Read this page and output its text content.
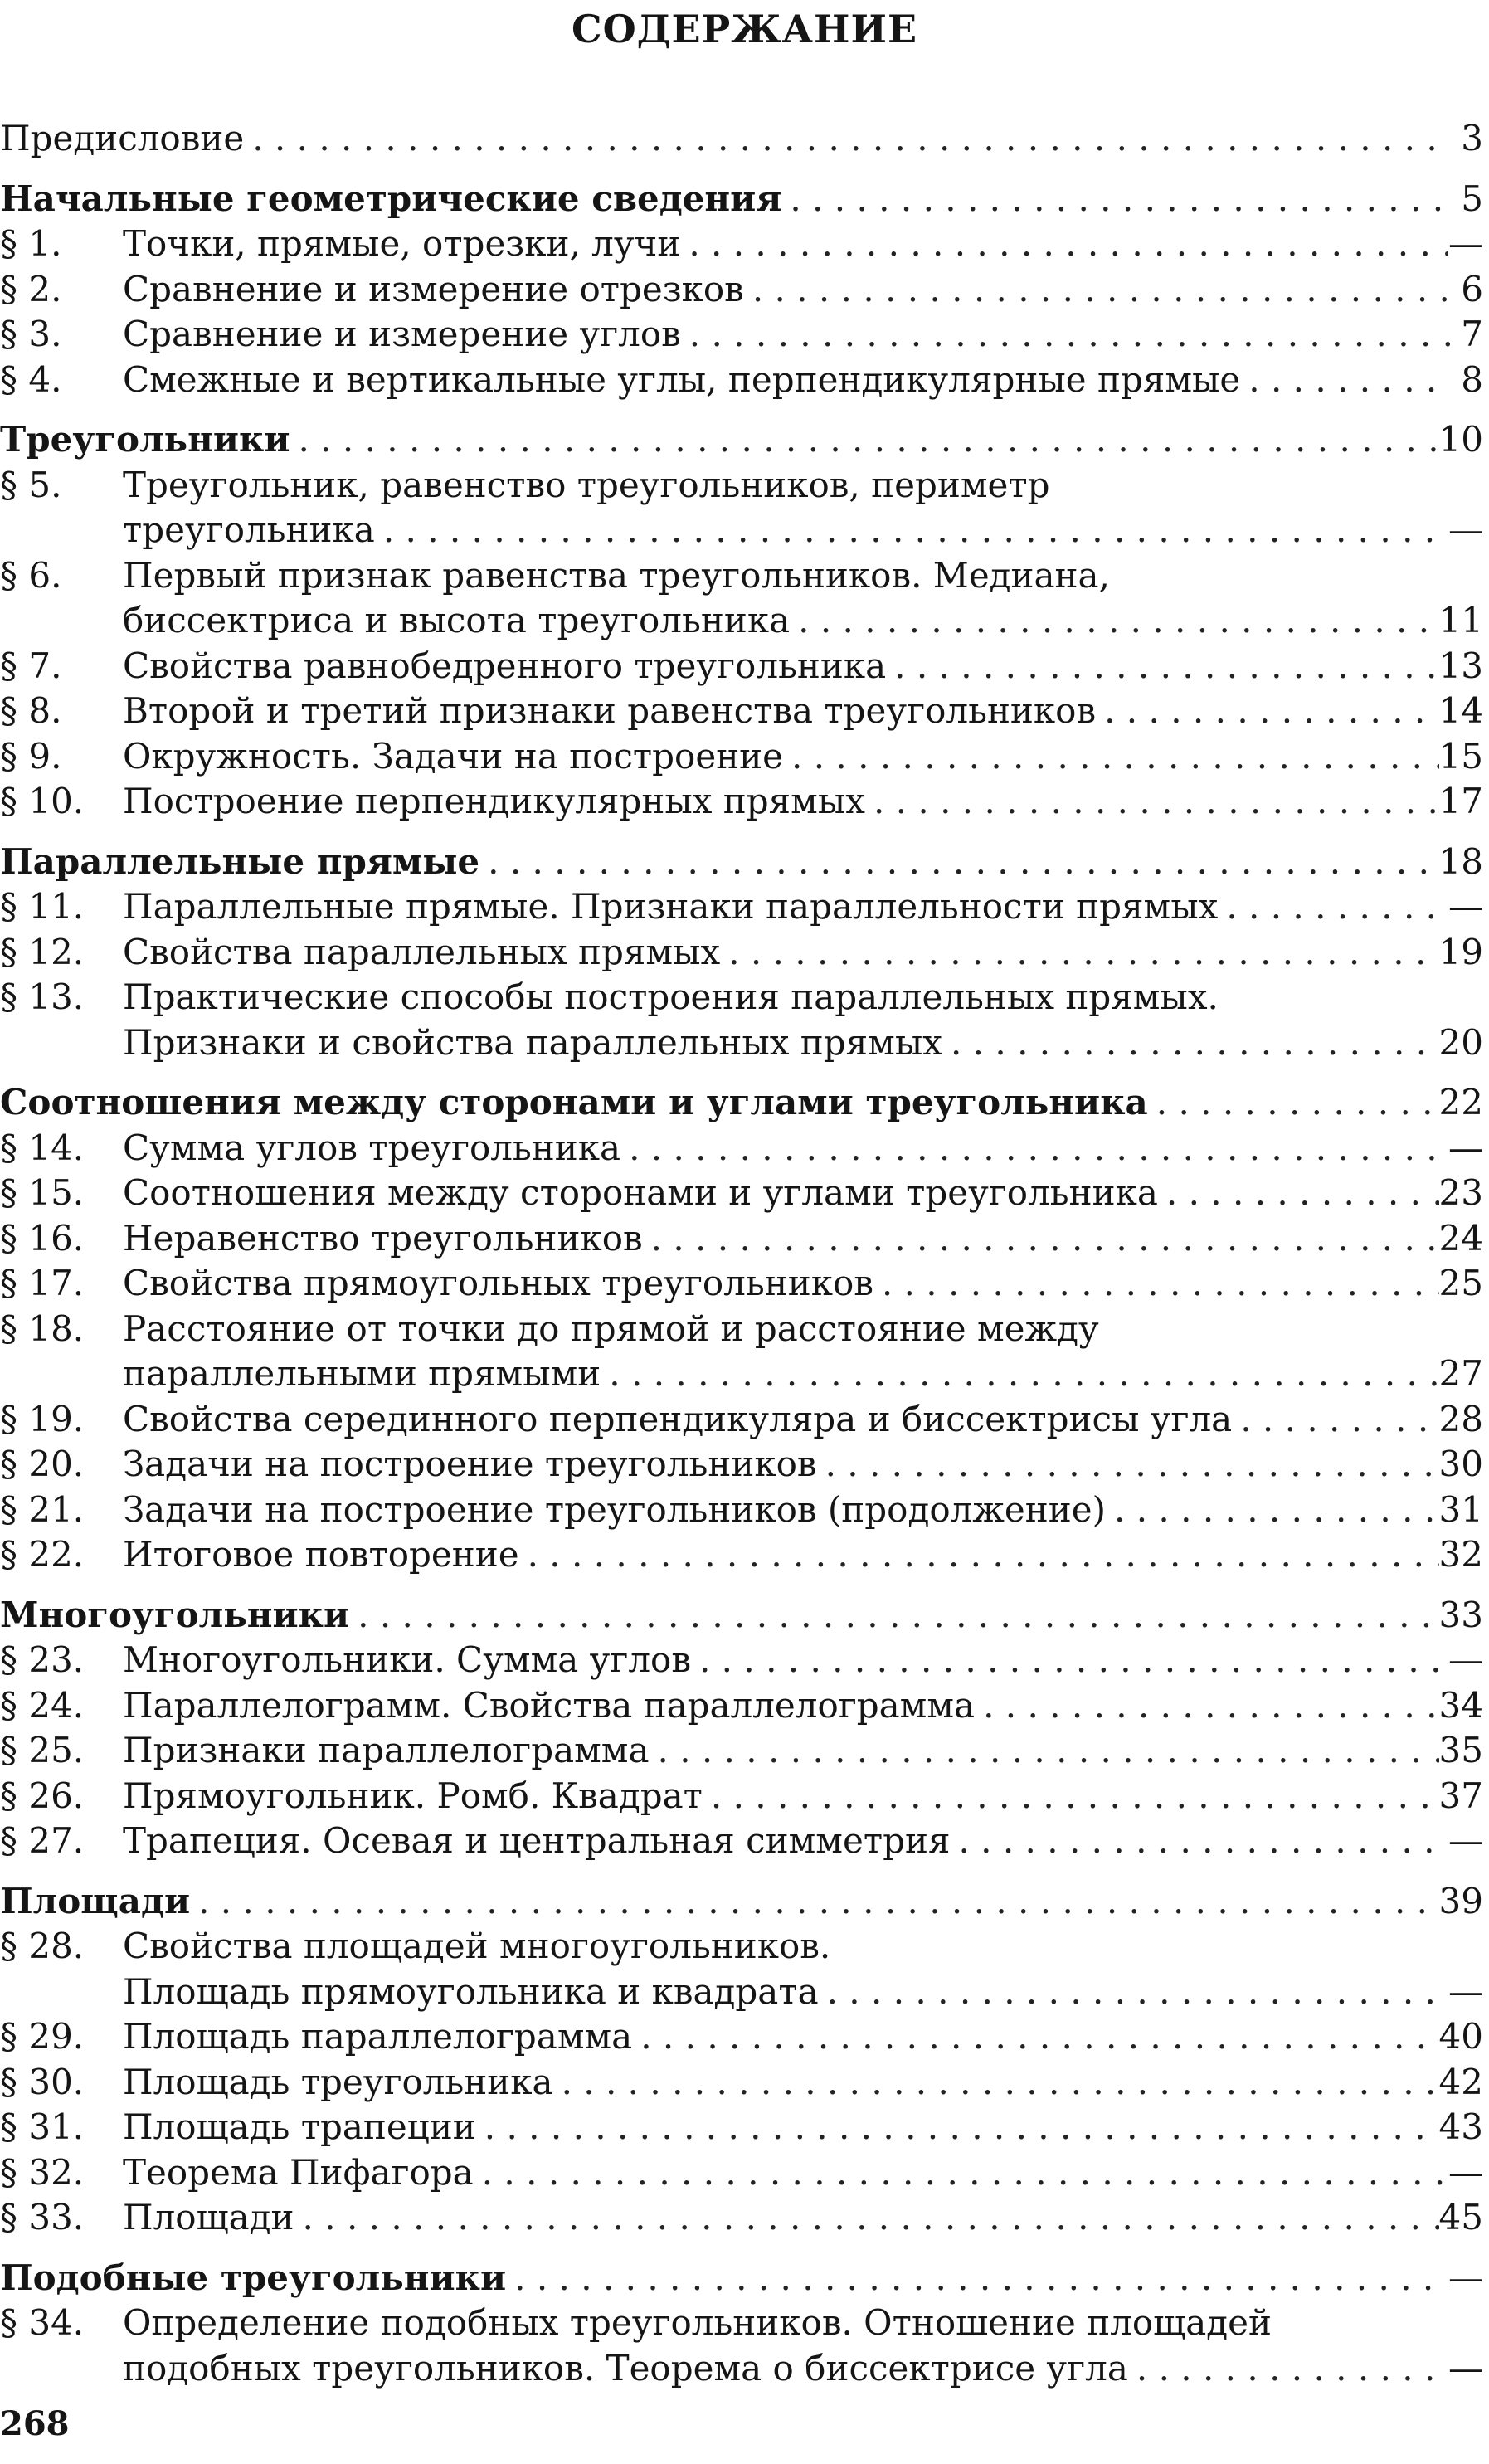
СОДЕРЖАНИЕ
Предисловие . . .	3
Начальные геометрические сведения . . .	5
§ 1.	Точки, прямые, отрезки, лучи . . .	—
§ 2.	Сравнение и измерение отрезков . . .	6
§ 3.	Сравнение и измерение углов . . .	7
§ 4.	Смежные и вертикальные углы, перпендикулярные прямые . . .	8
Треугольники . . .	10
§ 5.	Треугольник, равенство треугольников, периметр
треугольника . . .	—
§ 6.	Первый признак равенства треугольников. Медиана,
биссектриса и высота треугольника . . .	11
§ 7.	Свойства равнобедренного треугольника . . .	13
§ 8.	Второй и третий признаки равенства треугольников . . .	14
§ 9.	Окружность. Задачи на построение . . .	15
§ 10.	Построение перпендикулярных прямых . . .	17
Параллельные прямые . . .	18
§ 11.	Параллельные прямые. Признаки параллельности прямых . . .	—
§ 12.	Свойства параллельных прямых . . .	19
§ 13.	Практические способы построения параллельных прямых.
Признаки и свойства параллельных прямых . . .	20
Соотношения между сторонами и углами треугольника . . .	22
§ 14.	Сумма углов треугольника . . .	—
§ 15.	Соотношения между сторонами и углами треугольника . . .	23
§ 16.	Неравенство треугольников . . .	24
§ 17.	Свойства прямоугольных треугольников . . .	25
§ 18.	Расстояние от точки до прямой и расстояние между
параллельными прямыми . . .	27
§ 19.	Свойства серединного перпендикуляра и биссектрисы угла . . .	28
§ 20.	Задачи на построение треугольников . . .	30
§ 21.	Задачи на построение треугольников (продолжение) . . .	31
§ 22.	Итоговое повторение . . .	32
Многоугольники . . .	33
§ 23.	Многоугольники. Сумма углов . . .	—
§ 24.	Параллелограмм. Свойства параллелограмма . . .	34
§ 25.	Признаки параллелограмма . . .	35
§ 26.	Прямоугольник. Ромб. Квадрат . . .	37
§ 27.	Трапеция. Осевая и центральная симметрия . . .	—
Площади . . .	39
§ 28.	Свойства площадей многоугольников.
Площадь прямоугольника и квадрата . . .	—
§ 29.	Площадь параллелограмма . . .	40
§ 30.	Площадь треугольника . . .	42
§ 31.	Площадь трапеции . . .	43
§ 32.	Теорема Пифагора . . .	—
§ 33.	Площади . . .	45
Подобные треугольники . . .	—
§ 34.	Определение подобных треугольников. Отношение площадей
подобных треугольников. Теорема о биссектрисе угла . . .	—
268
